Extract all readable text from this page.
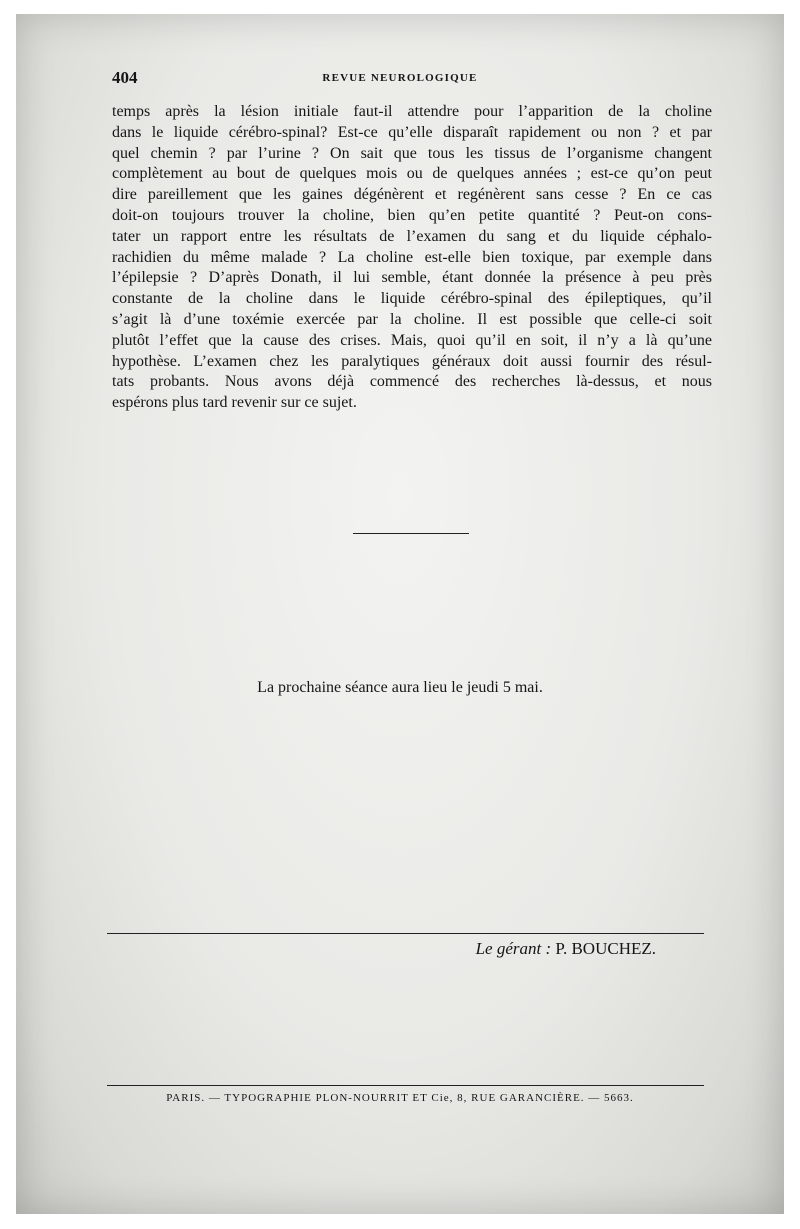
404	REVUE NEUROLOGIQUE

temps après la lésion initiale faut-il attendre pour l’apparition de la choline
dans le liquide cérébro-spinal? Est-ce qu’elle disparaît rapidement ou non ? et par
quel chemin ? par l’urine ? On sait que tous les tissus de l’organisme changent
complètement au bout de quelques mois ou de quelques années ; est-ce qu’on peut
dire pareillement que les gaines dégénèrent et regénèrent sans cesse ? En ce cas
doit-on toujours trouver la choline, bien qu’en petite quantité ? Peut-on cons-
tater un rapport entre les résultats de l’examen du sang et du liquide céphalo-
rachidien du même malade ? La choline est-elle bien toxique, par exemple dans
l’épilepsie ? D’après Donath, il lui semble, étant donnée la présence à peu près
constante de la choline dans le liquide cérébro-spinal des épileptiques, qu’il
s’agit là d’une toxémie exercée par la choline. Il est possible que celle-ci soit
plutôt l’effet que la cause des crises. Mais, quoi qu’il en soit, il n’y a là qu’une
hypothèse. L’examen chez les paralytiques généraux doit aussi fournir des résul-
tats probants. Nous avons déjà commencé des recherches là-dessus, et nous
espérons plus tard revenir sur ce sujet.

La prochaine séance aura lieu le jeudi 5 mai.
Le gérant : P. BOUCHEZ.
PARIS. — TYPOGRAPHIE PLON-NOURRIT ET Cie, 8, RUE GARANCIÈRE. — 5663.
